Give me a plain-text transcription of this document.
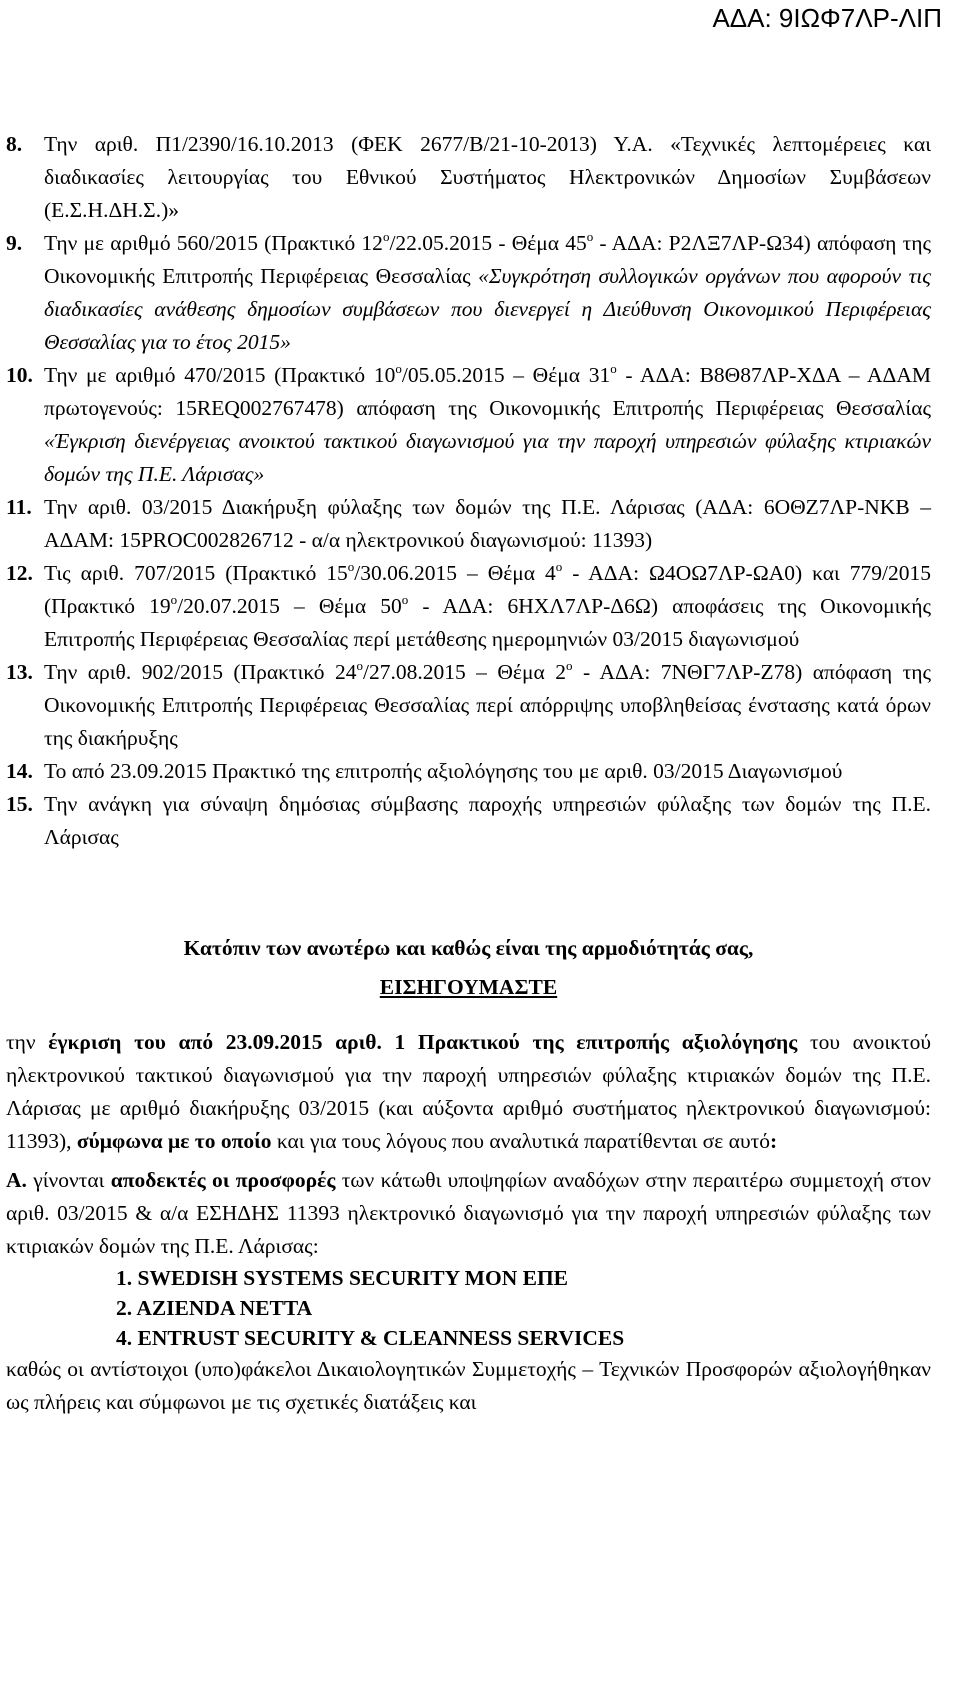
ΑΔΑ: 9ΙΩΦ7ΛΡ-ΛΙΠ
8. Την αριθ. Π1/2390/16.10.2013 (ΦΕΚ 2677/Β/21-10-2013) Υ.Α. «Τεχνικές λεπτομέρειες και διαδικασίες λειτουργίας του Εθνικού Συστήματος Ηλεκτρονικών Δημοσίων Συμβάσεων (Ε.Σ.Η.ΔΗ.Σ.)»
9. Την με αριθμό 560/2015 (Πρακτικό $12^o/22.05.2015$ - Θέμα $45^o$ - ΑΔΑ: Ρ2ΛΞ7ΛΡ-Ω34) απόφαση της Οικονομικής Επιτροπής Περιφέρειας Θεσσαλίας «Συγκρότηση συλλογικών οργάνων που αφορούν τις διαδικασίες ανάθεσης δημοσίων συμβάσεων που διενεργεί η Διεύθυνση Οικονομικού Περιφέρειας Θεσσαλίας για το έτος 2015»
10. Την με αριθμό 470/2015 (Πρακτικό $10^o/05.05.2015$ – Θέμα $31^o$ - ΑΔΑ: Β8Θ87ΛΡ-ΧΔΑ – ΑΔΑΜ πρωτογενούς: 15REQ002767478) απόφαση της Οικονομικής Επιτροπής Περιφέρειας Θεσσαλίας «Έγκριση διενέργειας ανοικτού τακτικού διαγωνισμού για την παροχή υπηρεσιών φύλαξης κτιριακών δομών της Π.Ε. Λάρισας»
11. Την αριθ. 03/2015 Διακήρυξη φύλαξης των δομών της Π.Ε. Λάρισας (ΑΔΑ: 6ΟΘΖ7ΛΡ-ΝΚΒ – ΑΔΑΜ: 15PROC002826712 - α/α ηλεκτρονικού διαγωνισμού: 11393)
12. Τις αριθ. 707/2015 (Πρακτικό $15^o/30.06.2015$ – Θέμα $4^o$ - ΑΔΑ: Ω4ΟΩ7ΛΡ-ΩΑ0) και 779/2015 (Πρακτικό $19^o/20.07.2015$ – Θέμα $50^o$ - ΑΔΑ: 6ΗΧΛ7ΛΡ-Δ6Ω) αποφάσεις της Οικονομικής Επιτροπής Περιφέρειας Θεσσαλίας περί μετάθεσης ημερομηνιών 03/2015 διαγωνισμού
13. Την αριθ. 902/2015 (Πρακτικό $24^o/27.08.2015$ – Θέμα $2^o$ - ΑΔΑ: 7ΝΘΓ7ΛΡ-Ζ78) απόφαση της Οικονομικής Επιτροπής Περιφέρειας Θεσσαλίας περί απόρριψης υποβληθείσας ένστασης κατά όρων της διακήρυξης
14. Το από 23.09.2015 Πρακτικό της επιτροπής αξιολόγησης του με αριθ. 03/2015 Διαγωνισμού
15. Την ανάγκη για σύναψη δημόσιας σύμβασης παροχής υπηρεσιών φύλαξης των δομών της Π.Ε. Λάρισας
Κατόπιν των ανωτέρω και καθώς είναι της αρμοδιότητάς σας,
ΕΙΣΗΓΟΥΜΑΣΤΕ
την έγκριση του από 23.09.2015 αριθ. 1 Πρακτικού της επιτροπής αξιολόγησης του ανοικτού ηλεκτρονικού τακτικού διαγωνισμού για την παροχή υπηρεσιών φύλαξης κτιριακών δομών της Π.Ε. Λάρισας με αριθμό διακήρυξης 03/2015 (και αύξοντα αριθμό συστήματος ηλεκτρονικού διαγωνισμού: 11393), σύμφωνα με το οποίο και για τους λόγους που αναλυτικά παρατίθενται σε αυτό:
Α. γίνονται αποδεκτές οι προσφορές των κάτωθι υποψηφίων αναδόχων στην περαιτέρω συμμετοχή στον αριθ. 03/2015 & α/α ΕΣΗΔΗΣ 11393 ηλεκτρονικό διαγωνισμό για την παροχή υπηρεσιών φύλαξης των κτιριακών δομών της Π.Ε. Λάρισας:
1. SWEDISH SYSTEMS SECURITY ΜΟΝ ΕΠΕ
2. AZIENDA NETTA
4. ENTRUST SECURITY & CLEANNESS SERVICES
καθώς οι αντίστοιχοι (υπο)φάκελοι Δικαιολογητικών Συμμετοχής – Τεχνικών Προσφορών αξιολογήθηκαν ως πλήρεις και σύμφωνοι με τις σχετικές διατάξεις και
